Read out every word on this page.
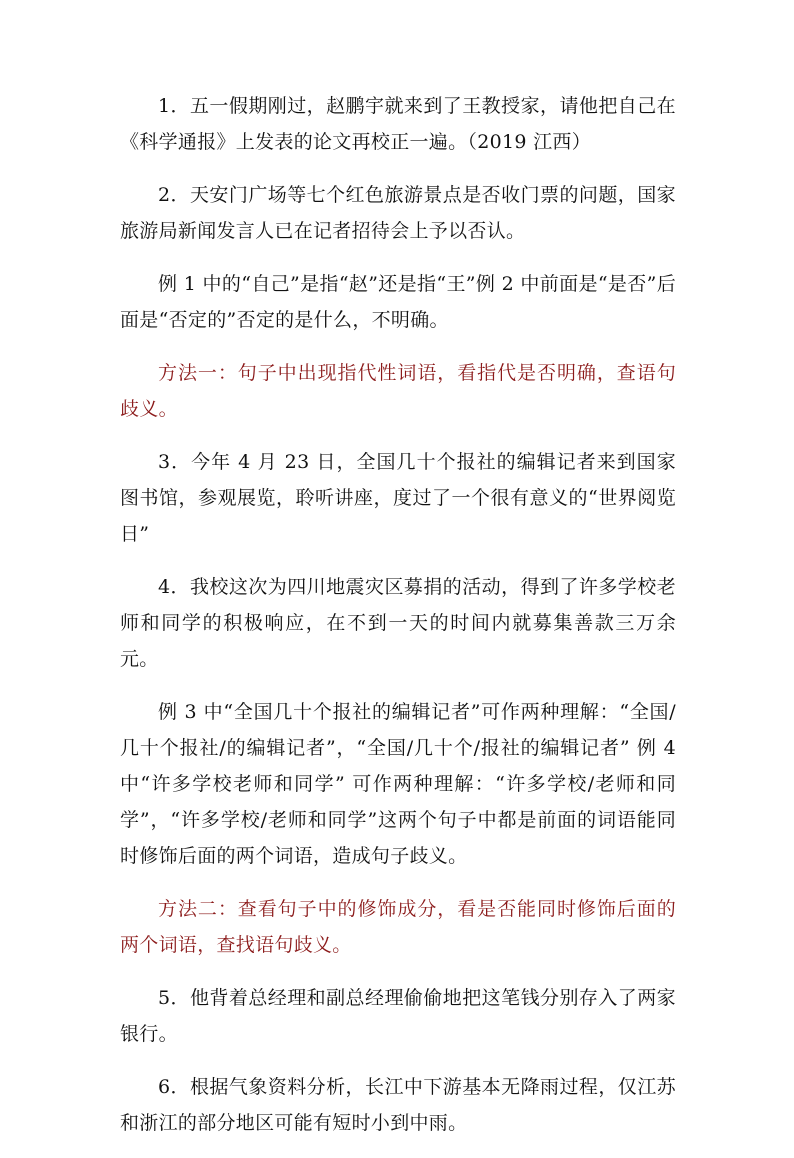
1．五一假期刚过，赵鹏宇就来到了王教授家，请他把自己在《科学通报》上发表的论文再校正一遍。（2019 江西）

2．天安门广场等七个红色旅游景点是否收门票的问题，国家旅游局新闻发言人已在记者招待会上予以否认。

例 1 中的“自己”是指“赵”还是指“王”例 2 中前面是“是否”后面是“否定的”否定的是什么，不明确。

方法一：句子中出现指代性词语，看指代是否明确，查语句歧义。

3．今年 4 月 23 日，全国几十个报社的编辑记者来到国家图书馆，参观展览，聆听讲座，度过了一个很有意义的“世界阅览日”

4．我校这次为四川地震灾区募捐的活动，得到了许多学校老师和同学的积极响应，在不到一天的时间内就募集善款三万余元。

例 3 中“全国几十个报社的编辑记者”可作两种理解：“全国/几十个报社/的编辑记者”，“全国/几十个/报社的编辑记者” 例 4 中“许多学校老师和同学” 可作两种理解：“许多学校/老师和同学”，“许多学校/老师和同学”这两个句子中都是前面的词语能同时修饰后面的两个词语，造成句子歧义。

方法二：查看句子中的修饰成分，看是否能同时修饰后面的两个词语，查找语句歧义。

5．他背着总经理和副总经理偷偷地把这笔钱分别存入了两家银行。

6．根据气象资料分析，长江中下游基本无降雨过程，仅江苏和浙江的部分地区可能有短时小到中雨。
